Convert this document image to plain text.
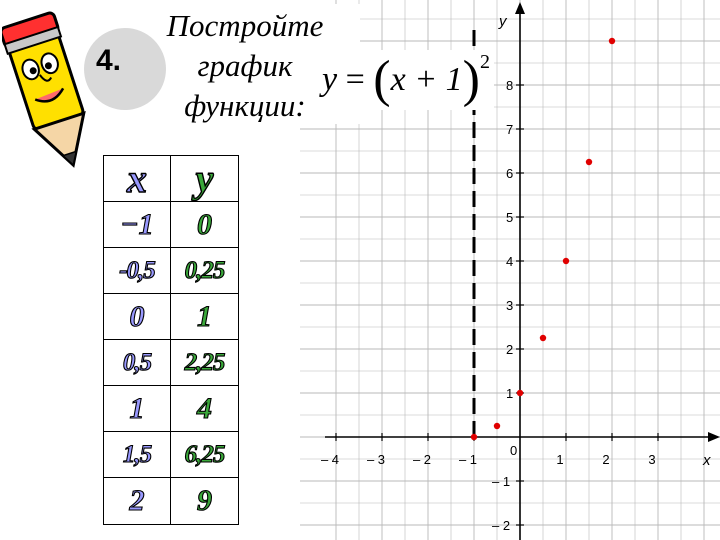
– 4 – 3 – 2 – 1	1	2	3
8
7
6
5
4
3
2
1
– 1
– 2
0
y
x
Постройте
график
функции:
4.
$y = (x + 1)^2$
x	y
−1	0
-0,5	0,25
0	1
0,5	2,25
1	4
1,5	6,25
2	9
